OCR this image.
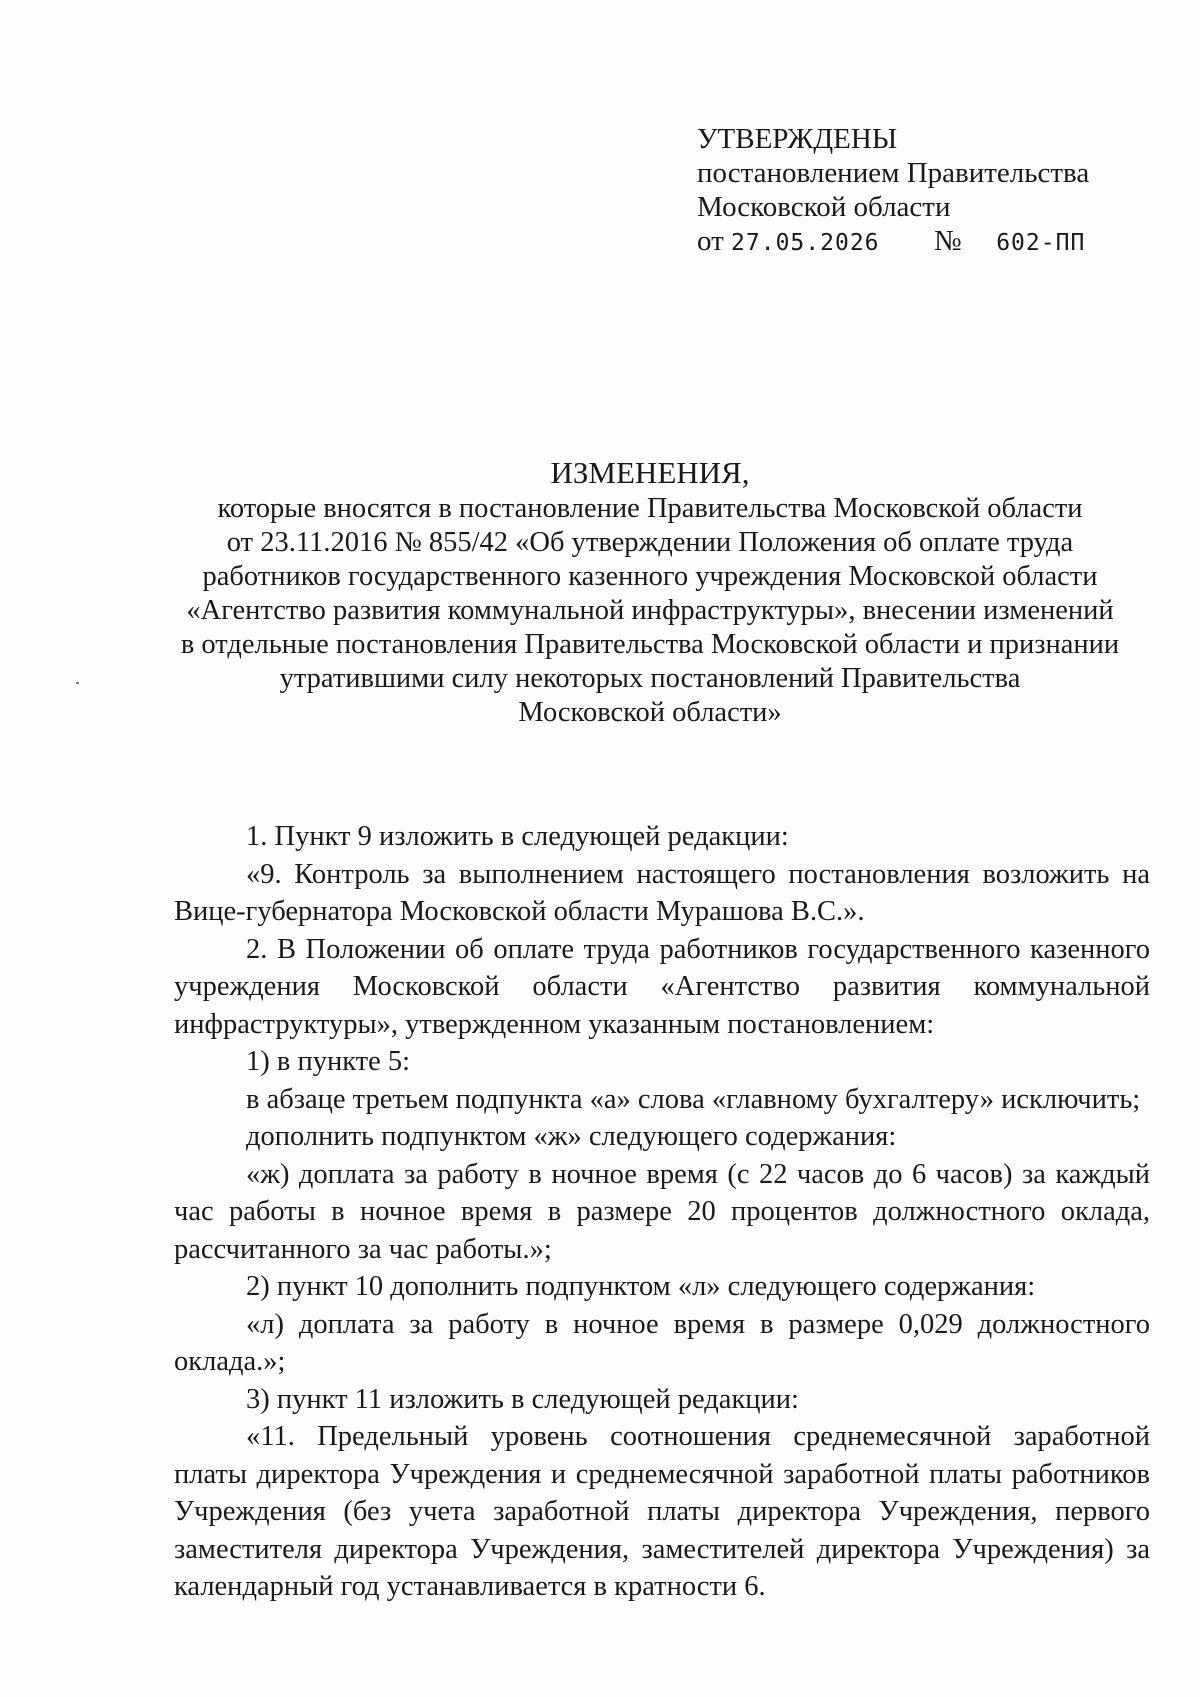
УТВЕРЖДЕНЫ
постановлением Правительства
Московской области
от 27.05.2026 № 602-ПП
ИЗМЕНЕНИЯ,
которые вносятся в постановление Правительства Московской области
от 23.11.2016 № 855/42 «Об утверждении Положения об оплате труда
работников государственного казенного учреждения Московской области
«Агентство развития коммунальной инфраструктуры», внесении изменений
в отдельные постановления Правительства Московской области и признании
утратившими силу некоторых постановлений Правительства
Московской области»

1. Пункт 9 изложить в следующей редакции:

«9. Контроль за выполнением настоящего постановления возложить на Вице-губернатора Московской области Мурашова В.С.».

2. В Положении об оплате труда работников государственного казенного учреждения Московской области «Агентство развития коммунальной инфраструктуры», утвержденном указанным постановлением:

1) в пункте 5:

в абзаце третьем подпункта «а» слова «главному бухгалтеру» исключить;

дополнить подпунктом «ж» следующего содержания:

«ж) доплата за работу в ночное время (с 22 часов до 6 часов) за каждый час работы в ночное время в размере 20 процентов должностного оклада, рассчитанного за час работы.»;

2) пункт 10 дополнить подпунктом «л» следующего содержания:

«л) доплата за работу в ночное время в размере 0,029 должностного оклада.»;

3) пункт 11 изложить в следующей редакции:

«11. Предельный уровень соотношения среднемесячной заработной платы директора Учреждения и среднемесячной заработной платы работников Учреждения (без учета заработной платы директора Учреждения, первого заместителя директора Учреждения, заместителей директора Учреждения) за календарный год устанавливается в кратности 6.
